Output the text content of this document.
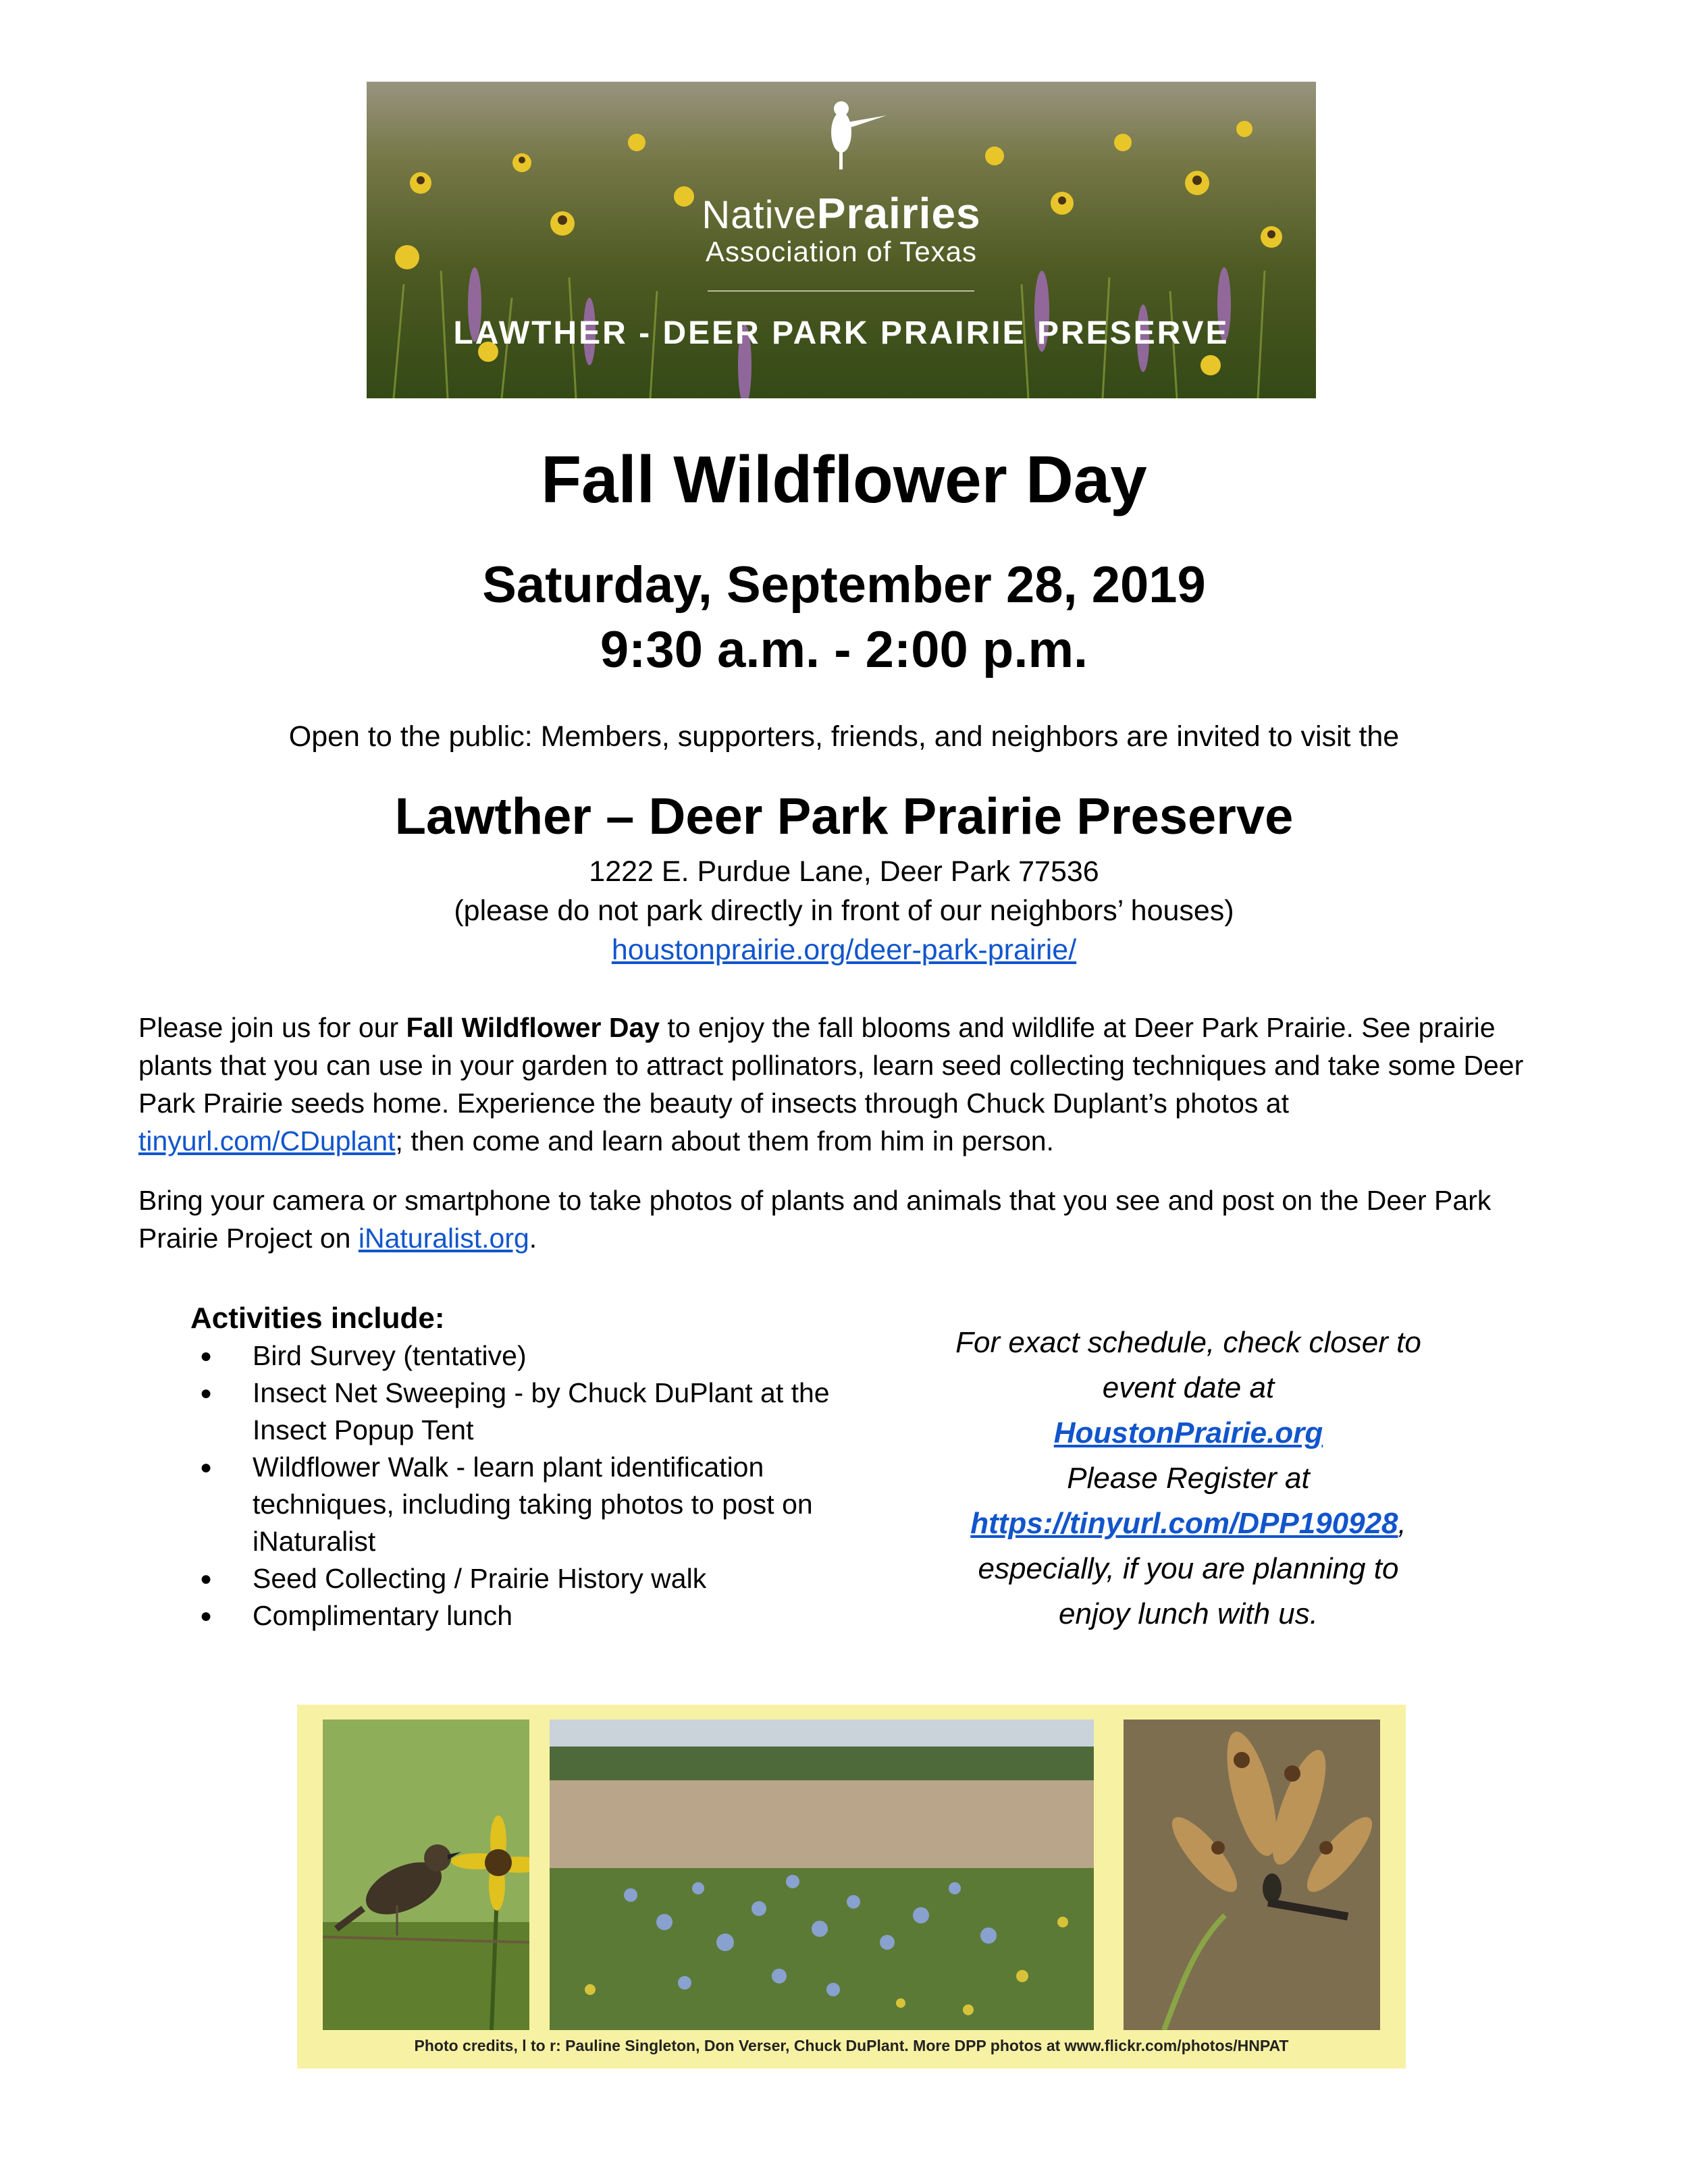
NativePrairies
Association of Texas
LAWTHER - DEER PARK PRAIRIE PRESERVE
Fall Wildflower Day
Saturday, September 28, 2019
9:30 a.m. - 2:00 p.m.
Open to the public: Members, supporters, friends, and neighbors are invited to visit the
Lawther – Deer Park Prairie Preserve
1222 E. Purdue Lane, Deer Park 77536
(please do not park directly in front of our neighbors’ houses)
houstonprairie.org/deer-park-prairie/

Please join us for our Fall Wildflower Day to enjoy the fall blooms and wildlife at Deer Park Prairie. See prairie plants that you can use in your garden to attract pollinators, learn seed collecting techniques and take some Deer Park Prairie seeds home. Experience the beauty of insects through Chuck Duplant’s photos at tinyurl.com/CDuplant; then come and learn about them from him in person.

Bring your camera or smartphone to take photos of plants and animals that you see and post on the Deer Park Prairie Project on iNaturalist.org.

Activities include:
● Bird Survey (tentative)
● Insect Net Sweeping - by Chuck DuPlant at the Insect Popup Tent
● Wildflower Walk - learn plant identification techniques, including taking photos to post on iNaturalist
● Seed Collecting / Prairie History walk
● Complimentary lunch
For exact schedule, check closer to event date at
HoustonPrairie.org
Please Register at
https://tinyurl.com/DPP190928, especially, if you are planning to enjoy lunch with us.
Photo credits, l to r: Pauline Singleton, Don Verser, Chuck DuPlant. More DPP photos at www.flickr.com/photos/HNPAT
